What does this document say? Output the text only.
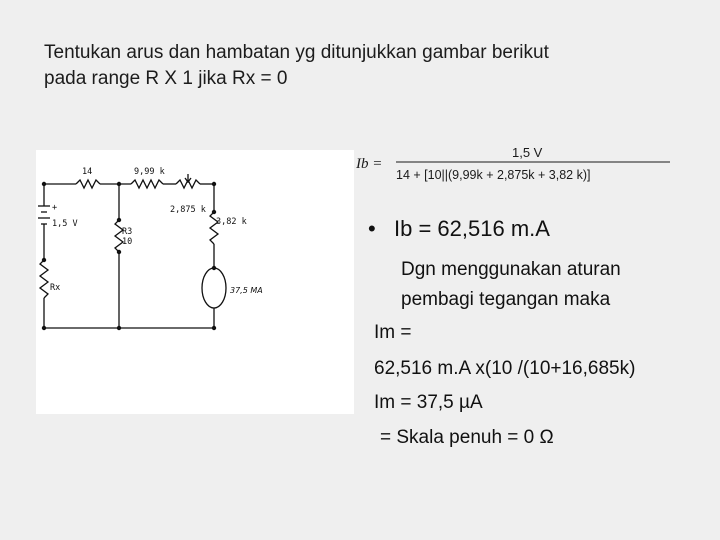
Tentukan arus dan hambatan yg ditunjukkan gambar berikut
pada range R X 1 jika Rx = 0
14	9,99 k
2,875 k
3,82 k
+
1,5 V
R3
10
Rx	37,5 MA
Ib =
1,5 V
14 + [10||(9,99k + 2,875k + 3,82 k)]
• Ib = 62,516 m.A
Dgn menggunakan aturan
pembagi tegangan maka
Im =
62,516 m.A x(10 /(10+16,685k)
Im = 37,5 µA
= Skala penuh = 0 Ω
